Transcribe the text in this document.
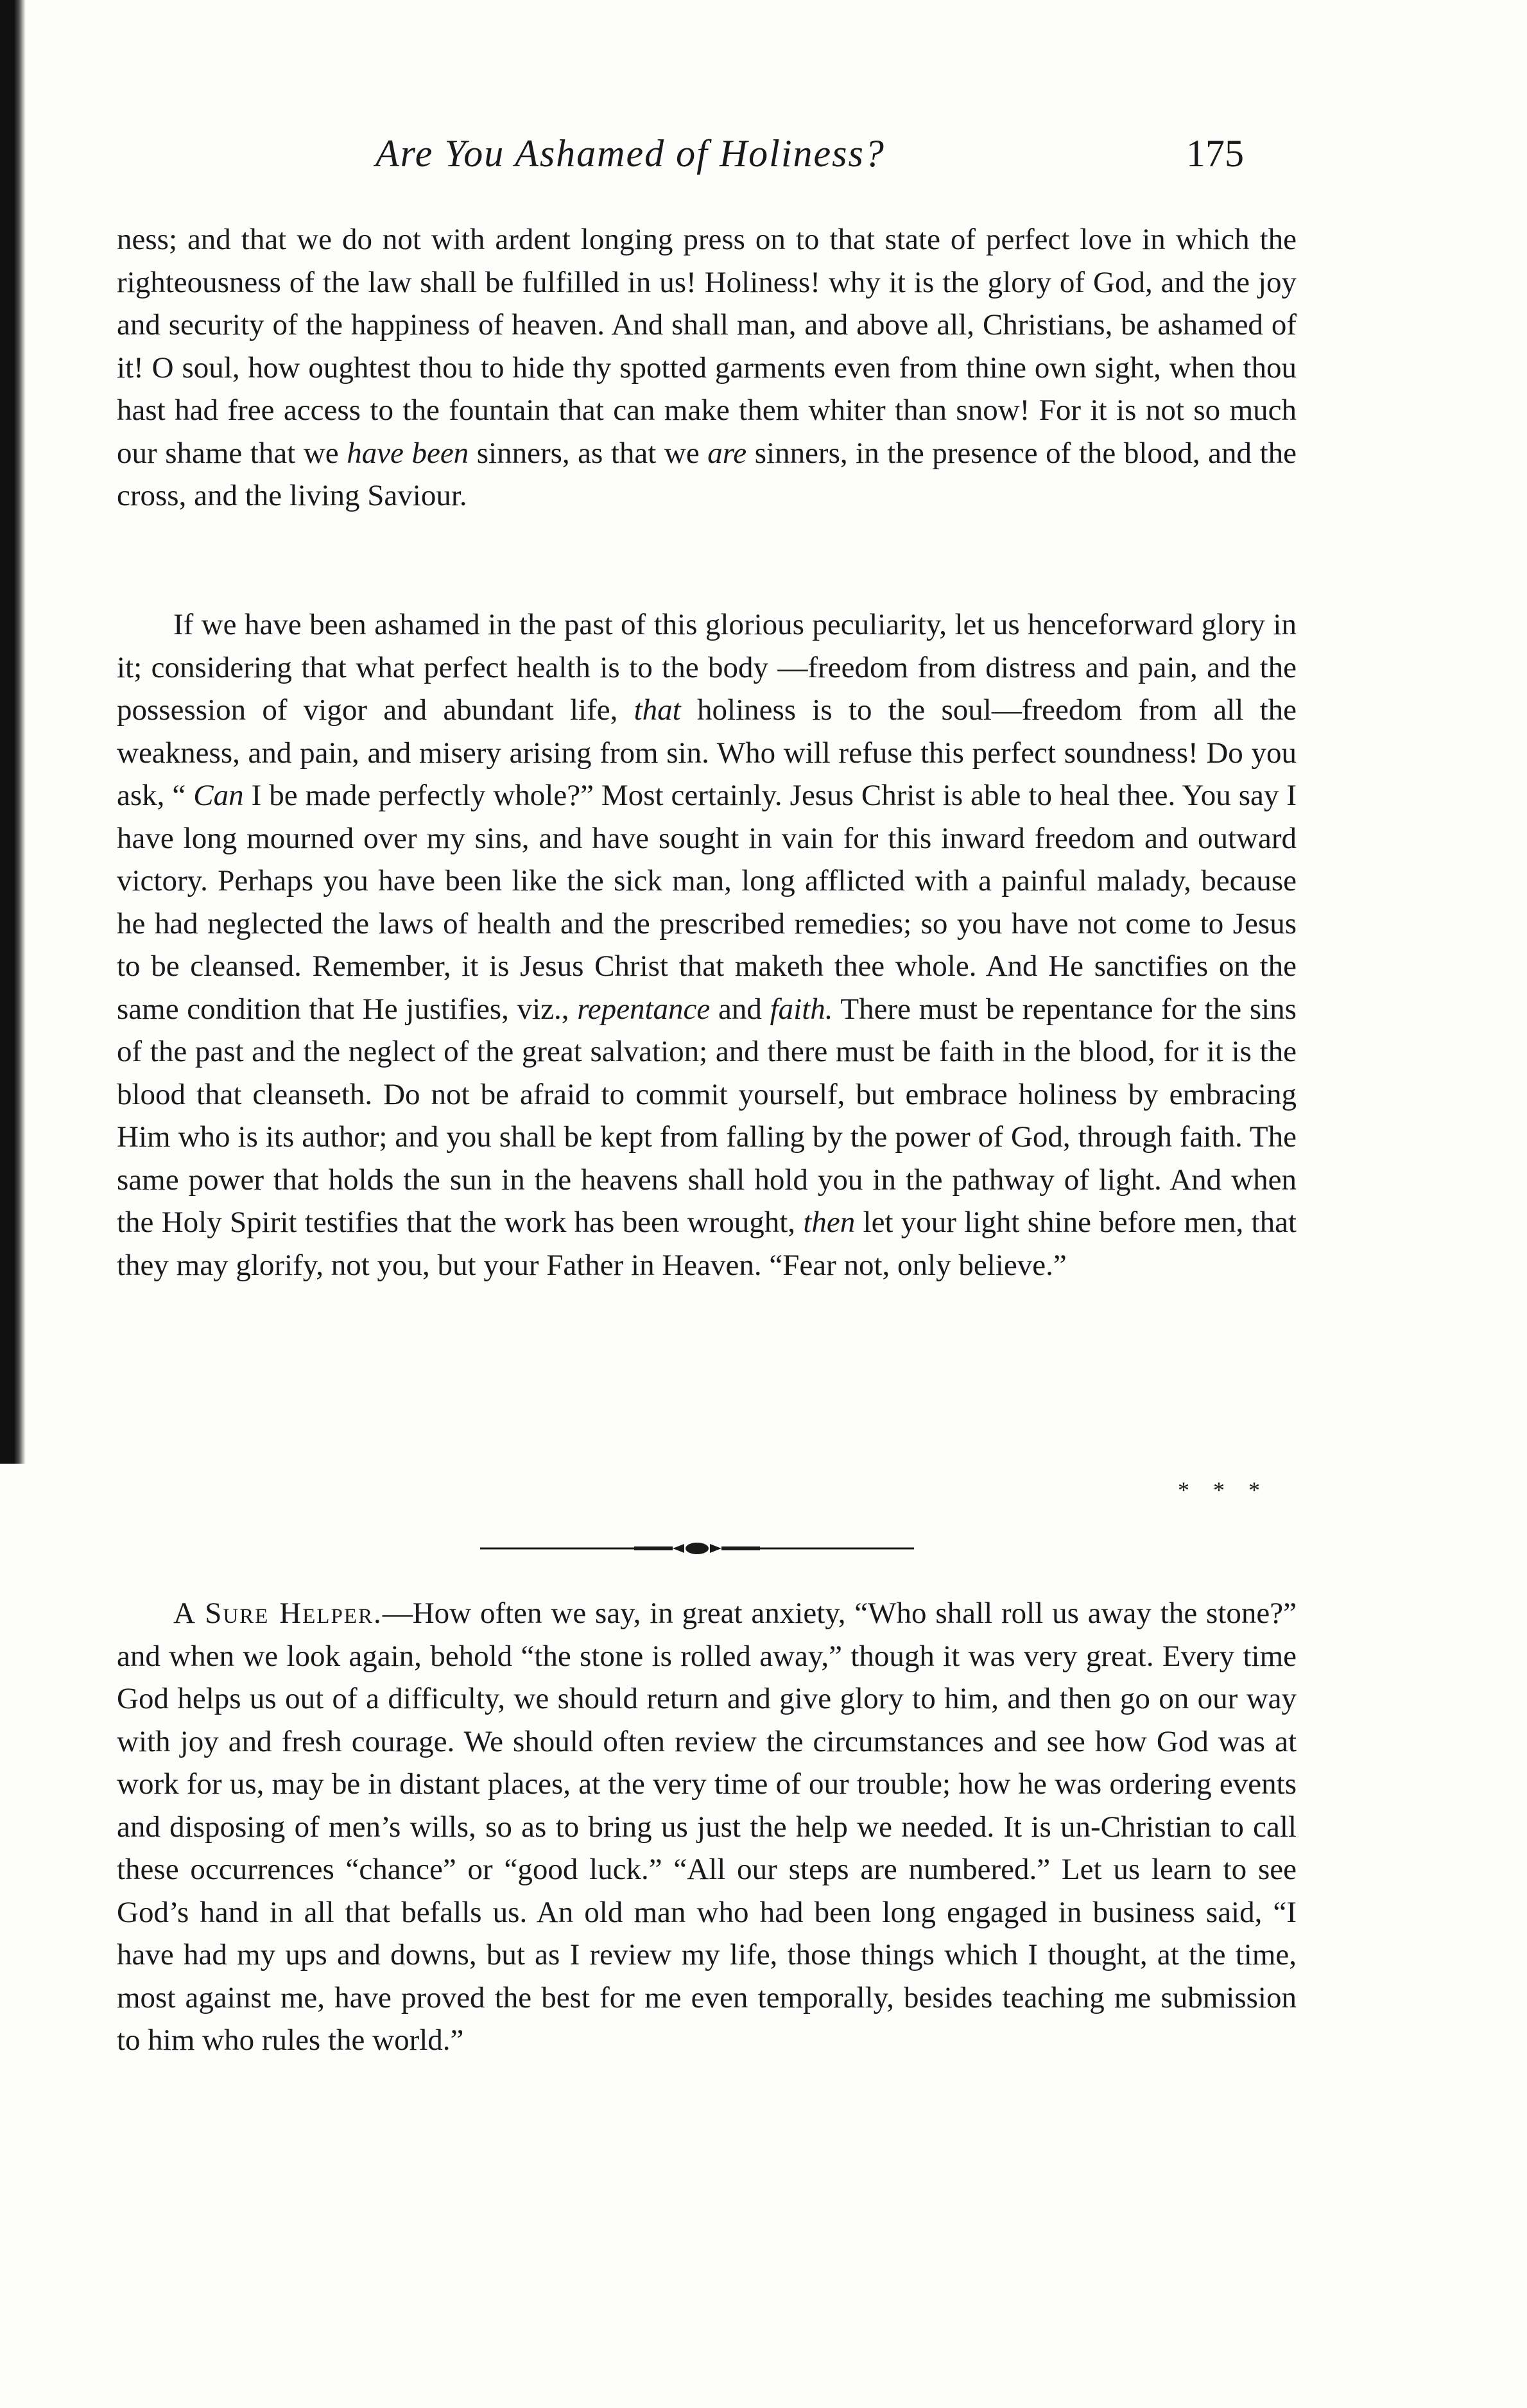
Are You Ashamed of Holiness?	175

ness; and that we do not with ardent longing press on to that state of perfect love in which the righteousness of the law shall be fulfilled in us! Holiness! why it is the glory of God, and the joy and security of the happiness of heaven. And shall man, and above all, Christians, be ashamed of it! O soul, how oughtest thou to hide thy spotted garments even from thine own sight, when thou hast had free access to the fountain that can make them whiter than snow! For it is not so much our shame that we have been sinners, as that we are sinners, in the presence of the blood, and the cross, and the living Saviour.

If we have been ashamed in the past of this glorious peculiarity, let us henceforward glory in it; considering that what perfect health is to the body —freedom from distress and pain, and the possession of vigor and abundant life, that holiness is to the soul—freedom from all the weakness, and pain, and misery arising from sin. Who will refuse this perfect soundness! Do you ask, “ Can I be made perfectly whole?” Most certainly. Jesus Christ is able to heal thee. You say I have long mourned over my sins, and have sought in vain for this inward freedom and outward victory. Perhaps you have been like the sick man, long afflicted with a painful malady, because he had neglected the laws of health and the prescribed remedies; so you have not come to Jesus to be cleansed. Remember, it is Jesus Christ that maketh thee whole. And He sanctifies on the same condition that He justifies, viz., repentance and faith. There must be repentance for the sins of the past and the neglect of the great salvation; and there must be faith in the blood, for it is the blood that cleanseth. Do not be afraid to commit yourself, but embrace holiness by embracing Him who is its author; and you shall be kept from falling by the power of God, through faith. The same power that holds the sun in the heavens shall hold you in the pathway of light. And when the Holy Spirit testifies that the work has been wrought, then let your light shine before men, that they may glorify, not you, but your Father in Heaven. “Fear not, only believe.”

* * *

A Sure Helper.—How often we say, in great anxiety, “Who shall roll us away the stone?” and when we look again, behold “the stone is rolled away,” though it was very great. Every time God helps us out of a difficulty, we should return and give glory to him, and then go on our way with joy and fresh courage. We should often review the circumstances and see how God was at work for us, may be in distant places, at the very time of our trouble; how he was ordering events and disposing of men’s wills, so as to bring us just the help we needed. It is un-Christian to call these occurrences “chance” or “good luck.” “All our steps are numbered.” Let us learn to see God’s hand in all that befalls us. An old man who had been long engaged in business said, “I have had my ups and downs, but as I review my life, those things which I thought, at the time, most against me, have proved the best for me even temporally, besides teaching me submission to him who rules the world.”
